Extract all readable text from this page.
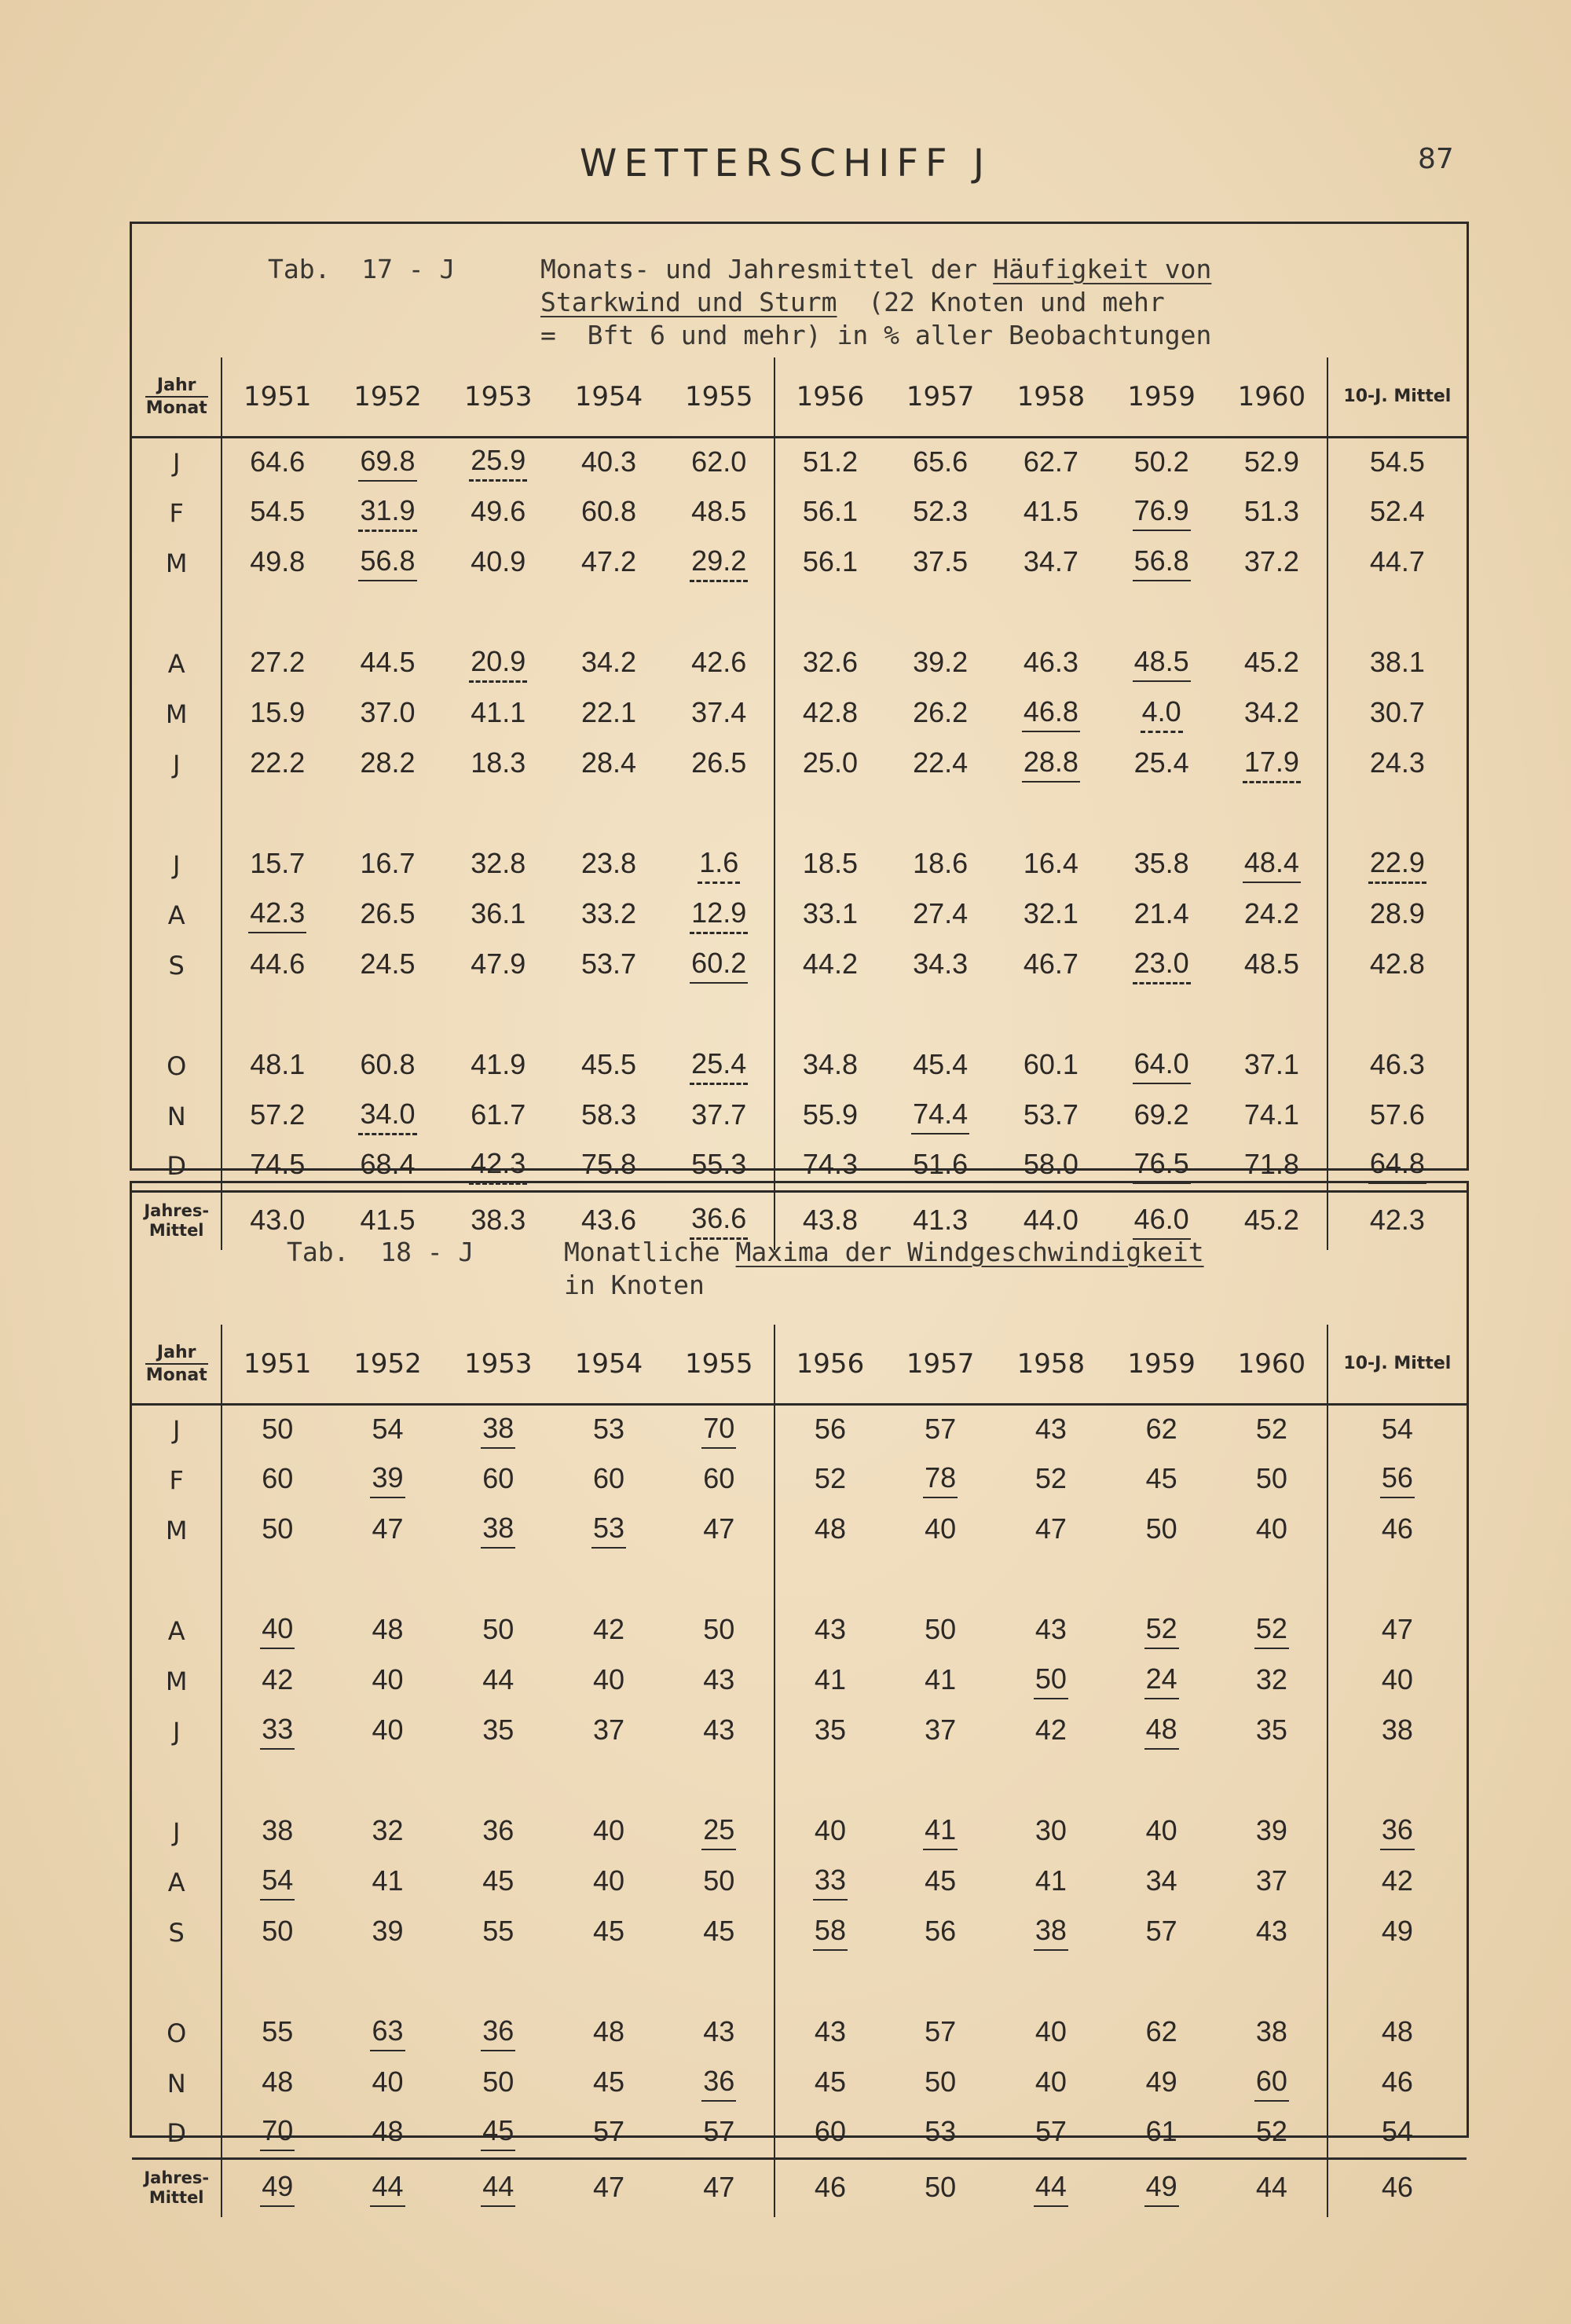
WETTERSCHIFF J	87
Tab.  17 - J	Monats- und Jahresmittel der Häufigkeit von
Starkwind und Sturm  (22 Knoten und mehr
=  Bft 6 und mehr) in % aller Beobachtungen
Jahr
Monat	1951	1952	1953	1954	1955	1956	1957	1958	1959	1960	10-J. Mittel
J	64.6	69.8	25.9	40.3	62.0	51.2	65.6	62.7	50.2	52.9	54.5
F	54.5	31.9	49.6	60.8	48.5	56.1	52.3	41.5	76.9	51.3	52.4
M	49.8	56.8	40.9	47.2	29.2	56.1	37.5	34.7	56.8	37.2	44.7

A	27.2	44.5	20.9	34.2	42.6	32.6	39.2	46.3	48.5	45.2	38.1
M	15.9	37.0	41.1	22.1	37.4	42.8	26.2	46.8	4.0	34.2	30.7
J	22.2	28.2	18.3	28.4	26.5	25.0	22.4	28.8	25.4	17.9	24.3

J	15.7	16.7	32.8	23.8	1.6	18.5	18.6	16.4	35.8	48.4	22.9
A	42.3	26.5	36.1	33.2	12.9	33.1	27.4	32.1	21.4	24.2	28.9
S	44.6	24.5	47.9	53.7	60.2	44.2	34.3	46.7	23.0	48.5	42.8

O	48.1	60.8	41.9	45.5	25.4	34.8	45.4	60.1	64.0	37.1	46.3
N	57.2	34.0	61.7	58.3	37.7	55.9	74.4	53.7	69.2	74.1	57.6
D	74.5	68.4	42.3	75.8	55.3	74.3	51.6	58.0	76.5	71.8	64.8
Jahres-Mittel	43.0	41.5	38.3	43.6	36.6	43.8	41.3	44.0	46.0	45.2	42.3
Tab.  18 - J	Monatliche Maxima der Windgeschwindigkeit
in Knoten
Jahr
Monat	1951	1952	1953	1954	1955	1956	1957	1958	1959	1960	10-J. Mittel
J	50	54	38	53	70	56	57	43	62	52	54
F	60	39	60	60	60	52	78	52	45	50	56
M	50	47	38	53	47	48	40	47	50	40	46

A	40	48	50	42	50	43	50	43	52	52	47
M	42	40	44	40	43	41	41	50	24	32	40
J	33	40	35	37	43	35	37	42	48	35	38

J	38	32	36	40	25	40	41	30	40	39	36
A	54	41	45	40	50	33	45	41	34	37	42
S	50	39	55	45	45	58	56	38	57	43	49

O	55	63	36	48	43	43	57	40	62	38	48
N	48	40	50	45	36	45	50	40	49	60	46
D	70	48	45	57	57	60	53	57	61	52	54
Jahres-Mittel	49	44	44	47	47	46	50	44	49	44	46
